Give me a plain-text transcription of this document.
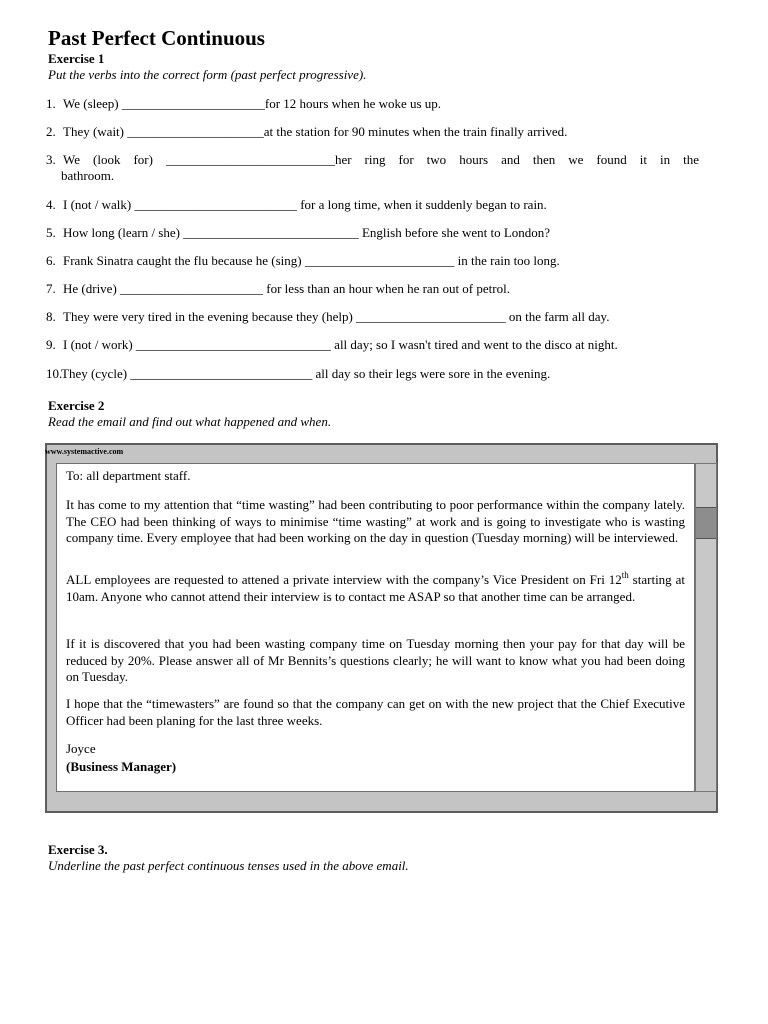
Past Perfect Continuous

Exercise 1

Put the verbs into the correct form (past perfect progressive).

1. We (sleep) ______________________for 12 hours when he woke us up.
2. They (wait) _____________________at the station for 90 minutes when the train finally arrived.
3. We (look for) __________________________her ring for two hours and then we found it in the
bathroom.
4. I (not / walk) _________________________ for a long time, when it suddenly began to rain.
5. How long (learn / she) ___________________________ English before she went to London?
6. Frank Sinatra caught the flu because he (sing) _______________________ in the rain too long.
7. He (drive) ______________________ for less than an hour when he ran out of petrol.
8. They were very tired in the evening because they (help) _______________________ on the farm all day.
9. I (not / work) ______________________________ all day; so I wasn't tired and went to the disco at night.
10.They (cycle) ____________________________ all day so their legs were sore in the evening.

Exercise 2

Read the email and find out what happened and when.

www.systemactive.com

To: all department staff.

It has come to my attention that “time wasting” had been contributing to poor performance within the company lately. The CEO had been thinking of ways to minimise “time wasting” at work and is going to investigate who is wasting company time. Every employee that had been working on the day in question (Tuesday morning) will be interviewed.

ALL employees are requested to attened a private interview with the company’s Vice President on Fri 12th starting at 10am. Anyone who cannot attend their interview is to contact me ASAP so that another time can be arranged.

If it is discovered that you had been wasting company time on Tuesday morning then your pay for that day will be reduced by 20%. Please answer all of Mr Bennits’s questions clearly; he will want to know what you had been doing on Tuesday.

I hope that the “timewasters” are found so that the company can get on with the new project that the Chief Executive Officer had been planing for the last three weeks.

Joyce

(Business Manager)

Exercise 3.

Underline the past perfect continuous tenses used in the above email.
